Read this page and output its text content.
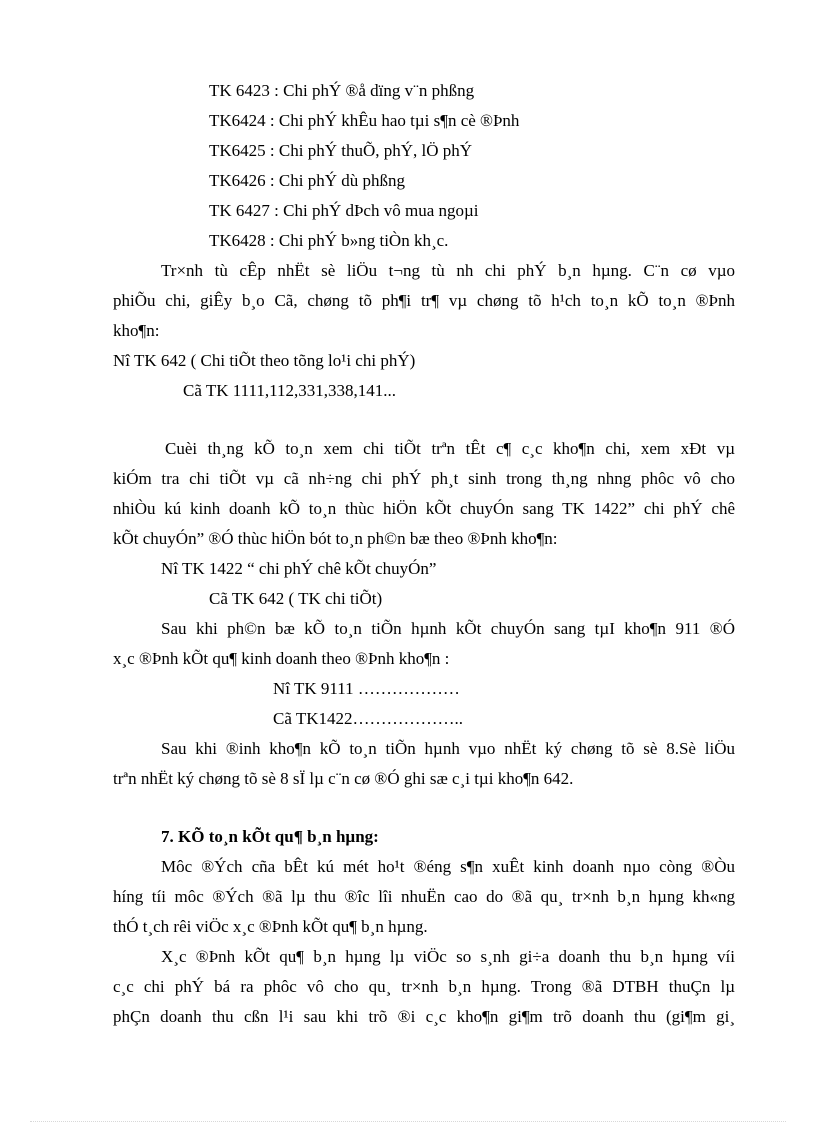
TK 6423 : Chi phÝ ®å dïng v¨n phßng
TK6424 : Chi phÝ khÊu hao tµi s¶n cè ®Þnh
TK6425 : Chi phÝ thuÕ, phÝ, lÖ phÝ
TK6426 : Chi phÝ dù phßng
TK 6427 : Chi phÝ dÞch vô mua ngoµi
TK6428 : Chi phÝ b»ng tiÒn kh¸c.
Tr×nh tù cÊp nhËt sè liÖu t¬ng tù nh chi phÝ b¸n hµng. C¨n cø vµo
phiÕu chi, giÊy b¸o Cã, chøng tõ ph¶i tr¶ vµ chøng tõ h¹ch to¸n kÕ to¸n ®Þnh
kho¶n:
Nî TK 642 ( Chi tiÕt theo tõng lo¹i chi phÝ)
Cã TK 1111,112,331,338,141...
Cuèi th¸ng kÕ to¸n xem chi tiÕt trªn tÊt c¶ c¸c kho¶n chi, xem xÐt vµ
kiÓm tra chi tiÕt vµ cã nh÷ng chi phÝ ph¸t sinh trong th¸ng nhng phôc vô cho
nhiÒu kú kinh doanh kÕ to¸n thùc hiÖn kÕt chuyÓn sang TK 1422” chi phÝ chê
kÕt chuyÓn” ®Ó thùc hiÖn bót to¸n ph©n bæ theo ®Þnh kho¶n:
Nî TK 1422 “ chi phÝ chê kÕt chuyÓn”
Cã TK 642 ( TK chi tiÕt)
Sau khi ph©n bæ kÕ to¸n tiÕn hµnh kÕt chuyÓn sang tµI kho¶n 911 ®Ó
x¸c ®Þnh kÕt qu¶ kinh doanh theo ®Þnh kho¶n :
Nî TK 9111 ………………
Cã TK1422………………..
Sau khi ®inh kho¶n kÕ to¸n tiÕn hµnh vµo nhËt ký chøng tõ sè 8.Sè liÖu
trªn nhËt ký chøng tõ sè 8 sÏ lµ c¨n cø ®Ó ghi sæ c¸i tµi kho¶n 642.
7. KÕ to¸n kÕt qu¶ b¸n hµng:
Môc ®Ých cña bÊt kú mét ho¹t ®éng s¶n xuÊt kinh doanh nµo còng ®Òu
híng tíi môc ®Ých ®ã lµ thu ®îc lîi nhuËn cao do ®ã qu¸ tr×nh b¸n hµng kh«ng
thÓ t¸ch rêi viÖc x¸c ®Þnh kÕt qu¶ b¸n hµng.
X¸c ®Þnh kÕt qu¶ b¸n hµng lµ viÖc so s¸nh gi÷a doanh thu b¸n hµng víi
c¸c chi phÝ bá ra phôc vô cho qu¸ tr×nh b¸n hµng. Trong ®ã DTBH thuÇn lµ
phÇn doanh thu cßn l¹i sau khi trõ ®i c¸c kho¶n gi¶m trõ doanh thu (gi¶m gi¸
